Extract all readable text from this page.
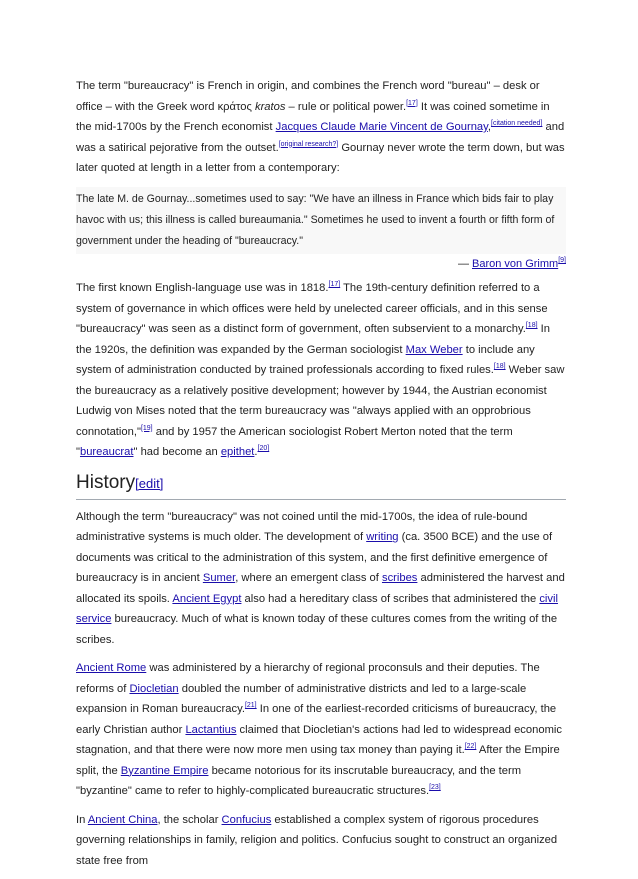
The term "bureaucracy" is French in origin, and combines the French word "bureau" – desk or office – with the Greek word κράτος kratos – rule or political power.[17] It was coined sometime in the mid-1700s by the French economist Jacques Claude Marie Vincent de Gournay,[citation needed] and was a satirical pejorative from the outset.[original research?] Gournay never wrote the term down, but was later quoted at length in a letter from a contemporary:

The late M. de Gournay...sometimes used to say: "We have an illness in France which bids fair to play havoc with us; this illness is called bureaumania." Sometimes he used to invent a fourth or fifth form of government under the heading of "bureaucracy."

— Baron von Grimm[9]

The first known English-language use was in 1818.[17] The 19th-century definition referred to a system of governance in which offices were held by unelected career officials, and in this sense "bureaucracy" was seen as a distinct form of government, often subservient to a monarchy.[18] In the 1920s, the definition was expanded by the German sociologist Max Weber to include any system of administration conducted by trained professionals according to fixed rules.[18] Weber saw the bureaucracy as a relatively positive development; however by 1944, the Austrian economist Ludwig von Mises noted that the term bureaucracy was "always applied with an opprobrious connotation,"[19] and by 1957 the American sociologist Robert Merton noted that the term "bureaucrat" had become an epithet.[20]

History[edit]

Although the term "bureaucracy" was not coined until the mid-1700s, the idea of rule-bound administrative systems is much older. The development of writing (ca. 3500 BCE) and the use of documents was critical to the administration of this system, and the first definitive emergence of bureaucracy is in ancient Sumer, where an emergent class of scribes administered the harvest and allocated its spoils. Ancient Egypt also had a hereditary class of scribes that administered the civil service bureaucracy. Much of what is known today of these cultures comes from the writing of the scribes.

Ancient Rome was administered by a hierarchy of regional proconsuls and their deputies. The reforms of Diocletian doubled the number of administrative districts and led to a large-scale expansion in Roman bureaucracy.[21] In one of the earliest-recorded criticisms of bureaucracy, the early Christian author Lactantius claimed that Diocletian's actions had led to widespread economic stagnation, and that there were now more men using tax money than paying it.[22] After the Empire split, the Byzantine Empire became notorious for its inscrutable bureaucracy, and the term "byzantine" came to refer to highly-complicated bureaucratic structures.[23]

In Ancient China, the scholar Confucius established a complex system of rigorous procedures governing relationships in family, religion and politics. Confucius sought to construct an organized state free from
